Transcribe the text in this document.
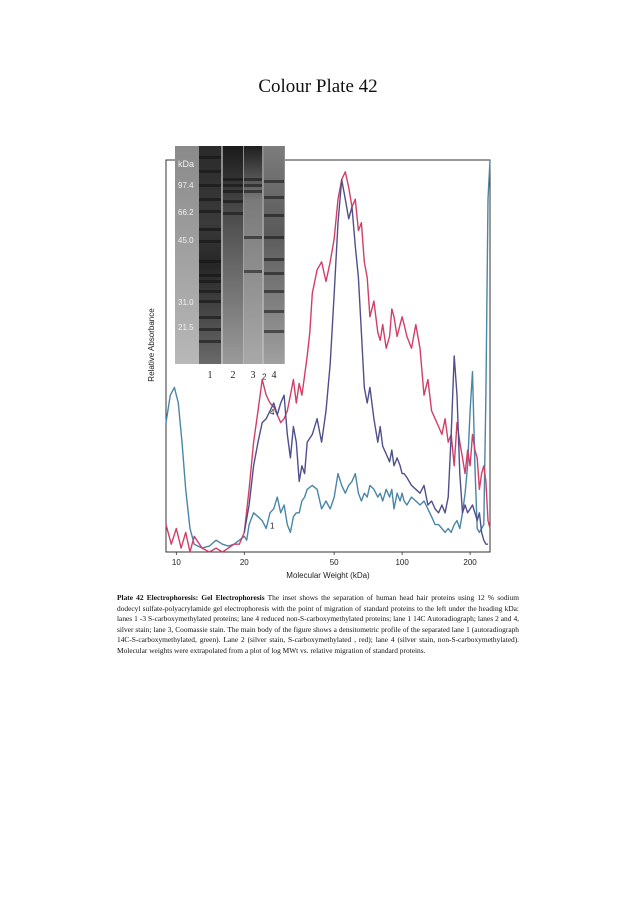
Colour Plate 42
kDa
97.4
66.2
45.0
31.0
21.5
1 2 3 4
2
4
1
10	20	50	100	200
Molecular Weight (kDa)
Relative Absorbance
Plate 42 Electrophoresis: Gel Electrophoresis The inset shows the separation of human head hair proteins using 12 % sodium dodecyl sulfate-polyacrylamide gel electrophoresis with the point of migration of standard proteins to the left under the heading kDa: lanes 1 -3 S-carboxymethylated proteins; lane 4 reduced non-S-carboxymethylated proteins; lane 1 14C Autoradiograph; lanes 2 and 4, silver stain; lane 3, Coomassie stain. The main body of the figure shows a densitometric profile of the separated lane 1 (autoradiograph 14C-S-carboxymethylated, green). Lane 2 (silver stain, S-carboxymethylated , red); lane 4 (silver stain, non-S-carboxymethylated). Molecular weights were extrapolated from a plot of log MWt vs. relative migration of standard proteins.
